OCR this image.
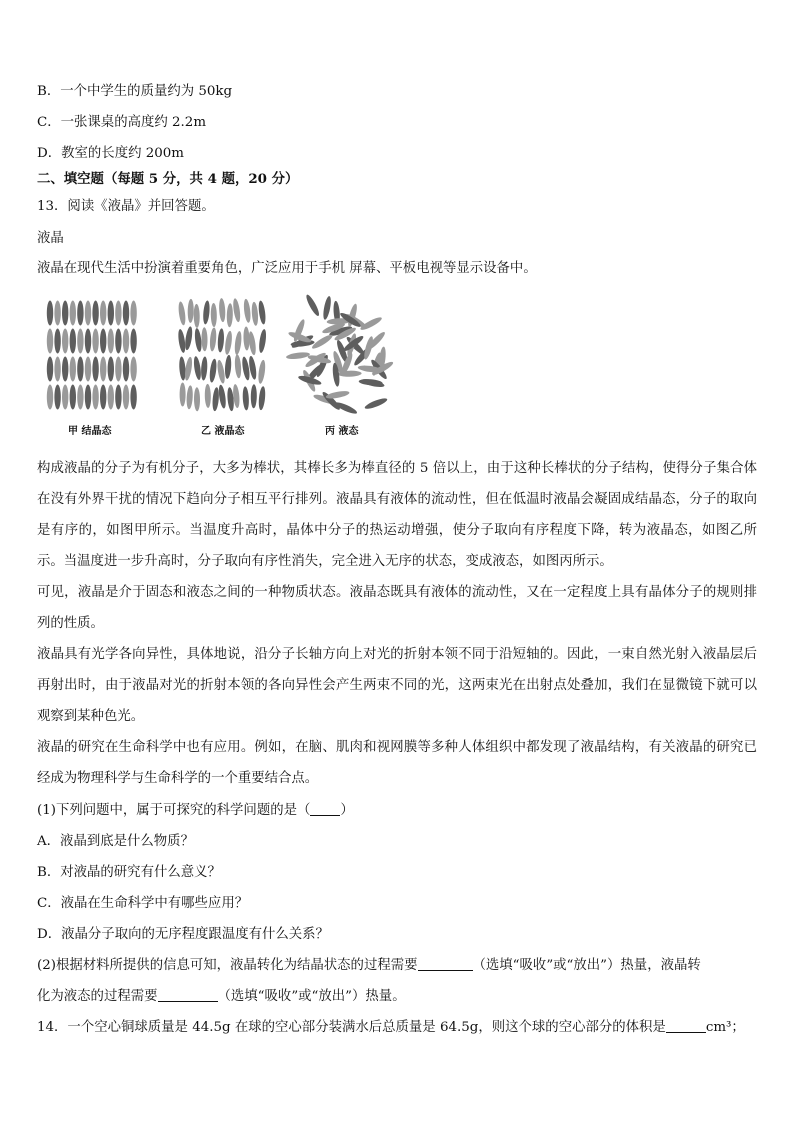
B．一个中学生的质量约为 50kg
C．一张课桌的高度约 2.2m
D．教室的长度约 200m
二、填空题（每题 5 分，共 4 题，20 分）
13．阅读《液晶》并回答题。
液晶
液晶在现代生活中扮演着重要角色，广泛应用于手机 屏幕、平板电视等显示设备中。
甲 结晶态	乙 液晶态	丙 液态
构成液晶的分子为有机分子，大多为棒状，其棒长多为棒直径的 5 倍以上，由于这种长棒状的分子结构，使得分子集合体在没有外界干扰的情况下趋向分子相互平行排列。液晶具有液体的流动性，但在低温时液晶会凝固成结晶态，分子的取向是有序的，如图甲所示。当温度升高时，晶体中分子的热运动增强，使分子取向有序程度下降，转为液晶态，如图乙所示。当温度进一步升高时，分子取向有序性消失，完全进入无序的状态，变成液态，如图丙所示。
可见，液晶是介于固态和液态之间的一种物质状态。液晶态既具有液体的流动性，又在一定程度上具有晶体分子的规则排列的性质。
液晶具有光学各向异性，具体地说，沿分子长轴方向上对光的折射本领不同于沿短轴的。因此，一束自然光射入液晶层后再射出时，由于液晶对光的折射本领的各向异性会产生两束不同的光，这两束光在出射点处叠加，我们在显微镜下就可以观察到某种色光。
液晶的研究在生命科学中也有应用。例如，在脑、肌肉和视网膜等多种人体组织中都发现了液晶结构，有关液晶的研究已经成为物理科学与生命科学的一个重要结合点。
(1)下列问题中，属于可探究的科学问题的是（ ）
A．液晶到底是什么物质？
B．对液晶的研究有什么意义？
C．液晶在生命科学中有哪些应用？
D．液晶分子取向的无序程度跟温度有什么关系？
(2)根据材料所提供的信息可知，液晶转化为结晶状态的过程需要	（选填“吸收”或“放出”）热量，液晶转
化为液态的过程需要	（选填“吸收”或“放出”）热量。
14．一个空心铜球质量是 44.5g 在球的空心部分装满水后总质量是 64.5g，则这个球的空心部分的体积是	cm³；
